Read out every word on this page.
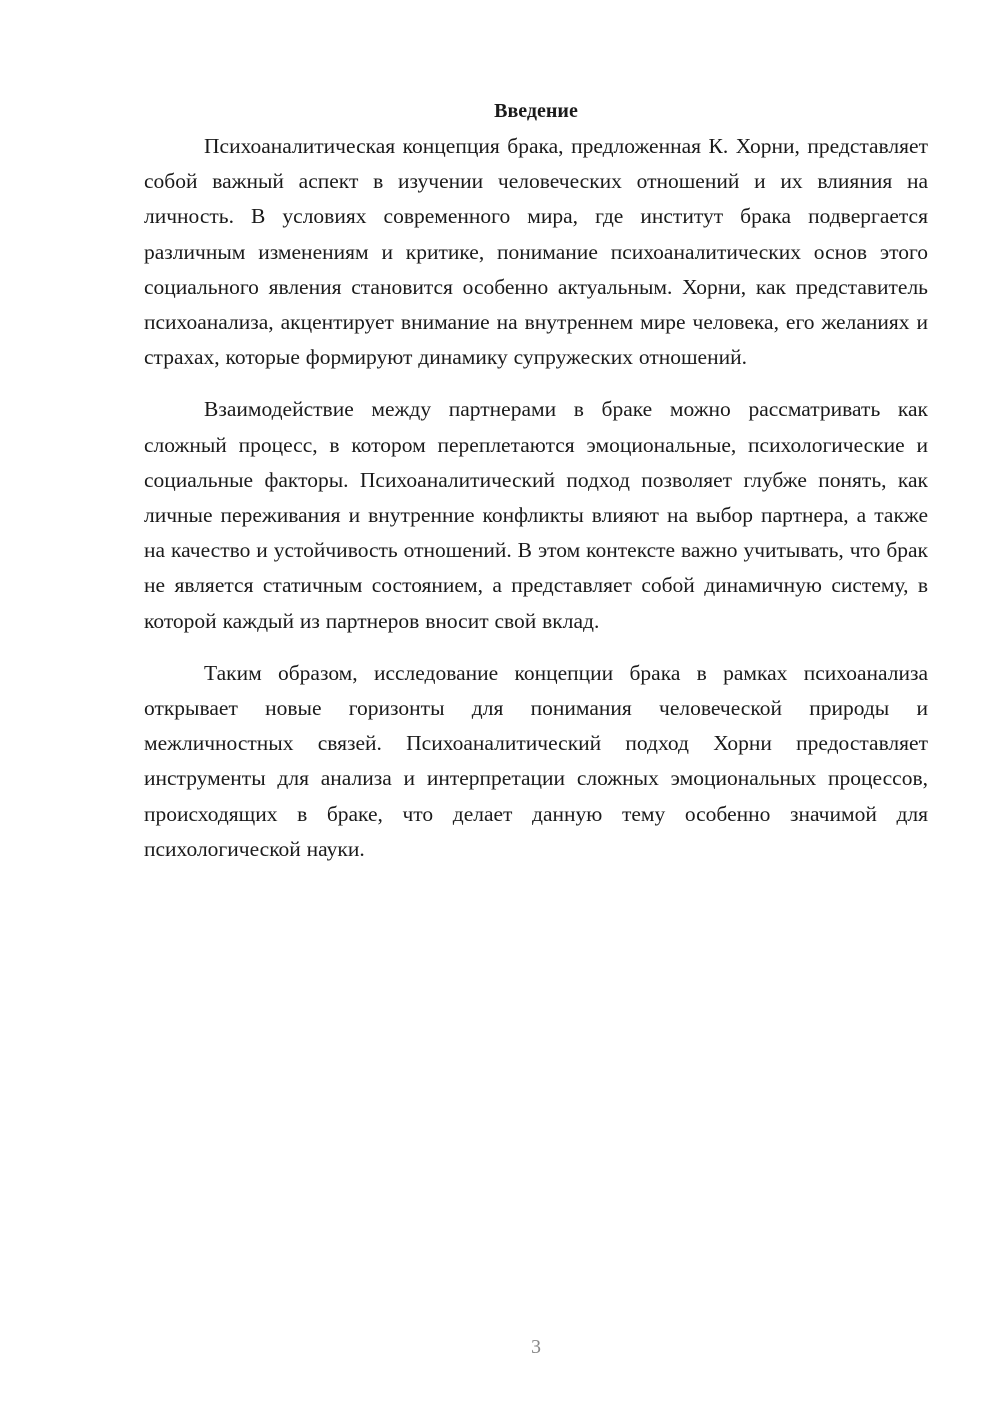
Введение

Психоаналитическая концепция брака, предложенная К. Хорни, представляет собой важный аспект в изучении человеческих отношений и их влияния на личность. В условиях современного мира, где институт брака подвергается различным изменениям и критике, понимание психоаналитических основ этого социального явления становится особенно актуальным. Хорни, как представитель психоанализа, акцентирует внимание на внутреннем мире человека, его желаниях и страхах, которые формируют динамику супружеских отношений.

Взаимодействие между партнерами в браке можно рассматривать как сложный процесс, в котором переплетаются эмоциональные, психологические и социальные факторы. Психоаналитический подход позволяет глубже понять, как личные переживания и внутренние конфликты влияют на выбор партнера, а также на качество и устойчивость отношений. В этом контексте важно учитывать, что брак не является статичным состоянием, а представляет собой динамичную систему, в которой каждый из партнеров вносит свой вклад.

Таким образом, исследование концепции брака в рамках психоанализа открывает новые горизонты для понимания человеческой природы и межличностных связей. Психоаналитический подход Хорни предоставляет инструменты для анализа и интерпретации сложных эмоциональных процессов, происходящих в браке, что делает данную тему особенно значимой для психологической науки.

3
